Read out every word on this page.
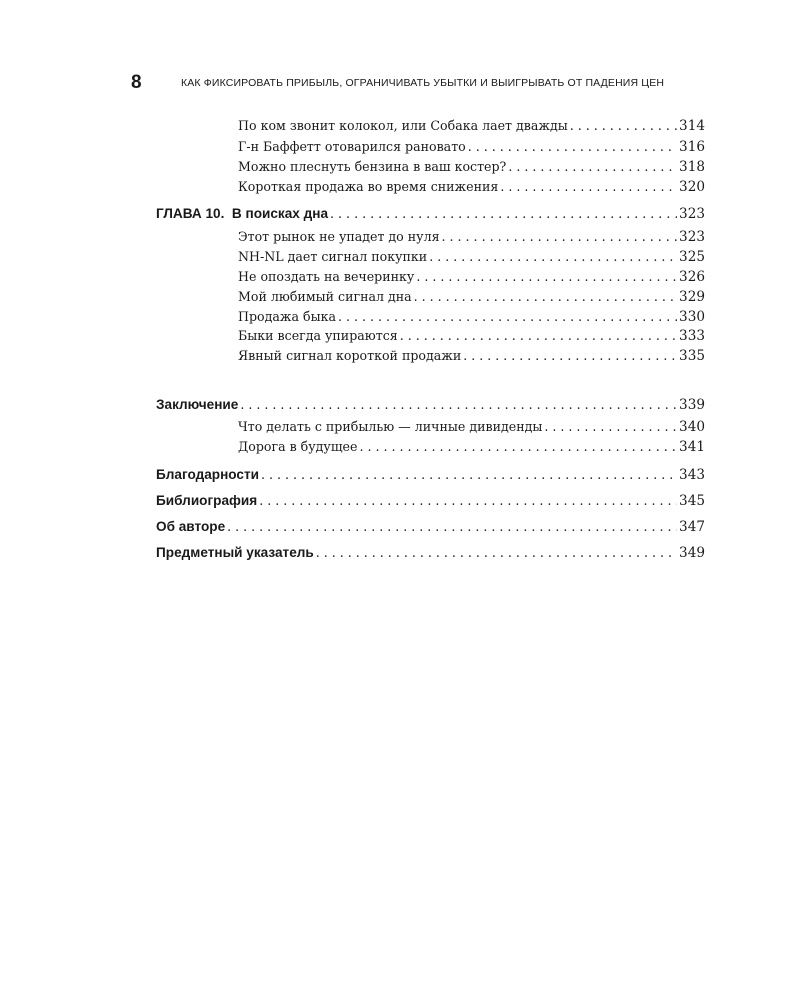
8	КАК ФИКСИРОВАТЬ ПРИБЫЛЬ, ОГРАНИЧИВАТЬ УБЫТКИ И ВЫИГРЫВАТЬ ОТ ПАДЕНИЯ ЦЕН
По ком звонит колокол, или Собака лает дважды . . .	314
Г-н Баффетт отоварился рановато . . .	316
Можно плеснуть бензина в ваш костер? . . .	318
Короткая продажа во время снижения . . .	320
ГЛАВА 10.  В поисках дна . . .	323
Этот рынок не упадет до нуля . . .	323
NH-NL дает сигнал покупки . . .	325
Не опоздать на вечеринку . . .	326
Мой любимый сигнал дна . . .	329
Продажа быка . . .	330
Быки всегда упираются . . .	333
Явный сигнал короткой продажи . . .	335
Заключение . . .	339
Что делать с прибылью — личные дивиденды . . .	340
Дорога в будущее . . .	341
Благодарности . . .	343
Библиография . . .	345
Об авторе . . .	347
Предметный указатель . . .	349
